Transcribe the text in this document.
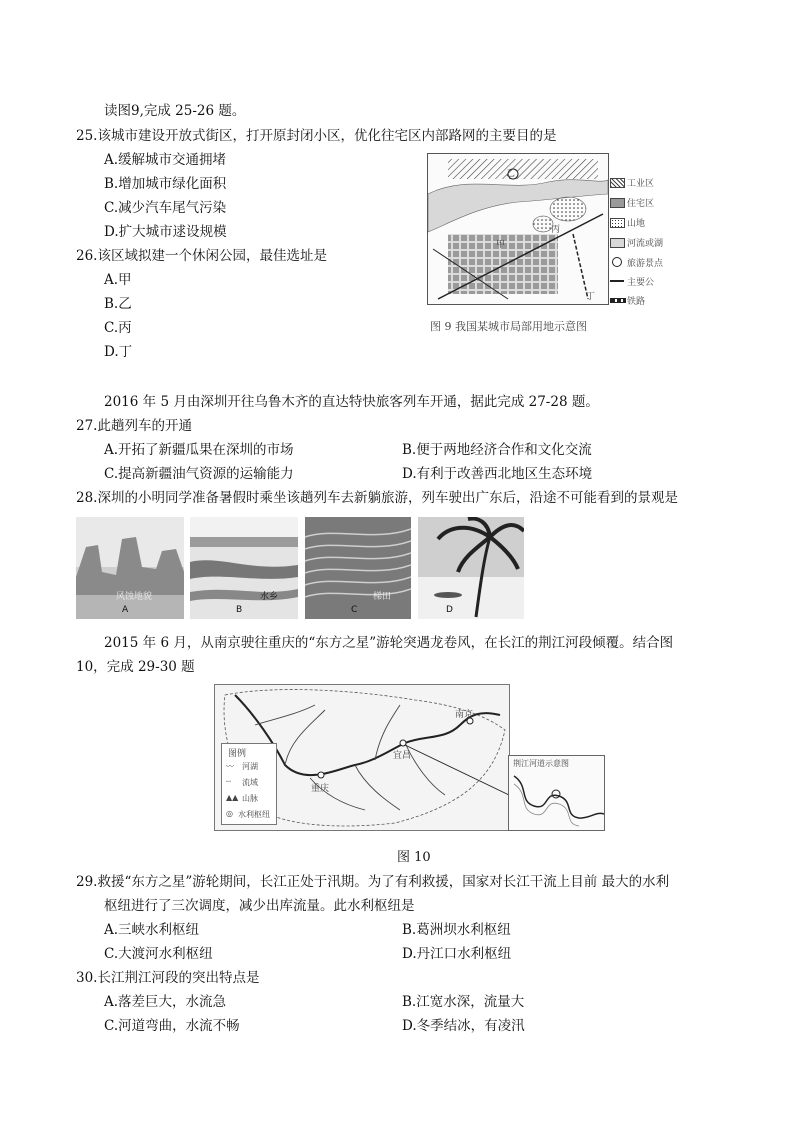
读图9,完成 25-26 题。
25.该城市建设开放式街区，打开原封闭小区，优化往宅区内部路网的主要目的是
A.缓解城市交通拥堵
B.增加城市绿化面积
C.减少汽车尾气污染
D.扩大城市逑设规模
26.该区域拟建一个休闲公园，最佳选址是
A.甲
B.乙
C.丙
D.丁
甲
乙
丙
丁
工业区
住宅区
山地
河流或湖
旅游景点
主要公
铁路
图 9 我国某城市局部用地示意图
2016 年 5 月由深圳开往乌鲁木齐的直达特快旅客列车开通，据此完成 27-28 题。
27.此趟列车的开通
A.开拓了新疆瓜果在深圳的市场	B.便于两地经济合作和文化交流
C.提高新疆油气资源的运输能力	D.有利于改善西北地区生态环境
28.深圳的小明同学准备暑假时乘坐该趟列车去新躺旅游，列车驶出广东后，沿途不可能看到的景观是
风蚀地貌
A
水乡
B
梯田
C	D
2015 年 6 月，从南京驶往重庆的“东方之星”游轮突遇龙卷风，在长江的荆江河段倾覆。结合图
10，完成 29-30 题
图例
〰 河湖
┈ 流域
▲▲ 山脉
◎ 水利枢纽
南京
重庆
宜昌
荆江河道示意图
图 10
29.救援“东方之星”游轮期间，长江正处于汛期。为了有利救援，国家对长江干流上目前 最大的水利
枢纽进行了三次调度，减少出库流量。此水利枢纽是
A.三峡水利枢纽	B.葛洲坝水利枢纽
C.大渡河水利枢纽	D.丹江口水利枢纽
30.长江荆江河段的突出特点是
A.落差巨大，水流急	B.江宽水深，流量大
C.河道弯曲，水流不畅	D.冬季结冰，有凌汛
